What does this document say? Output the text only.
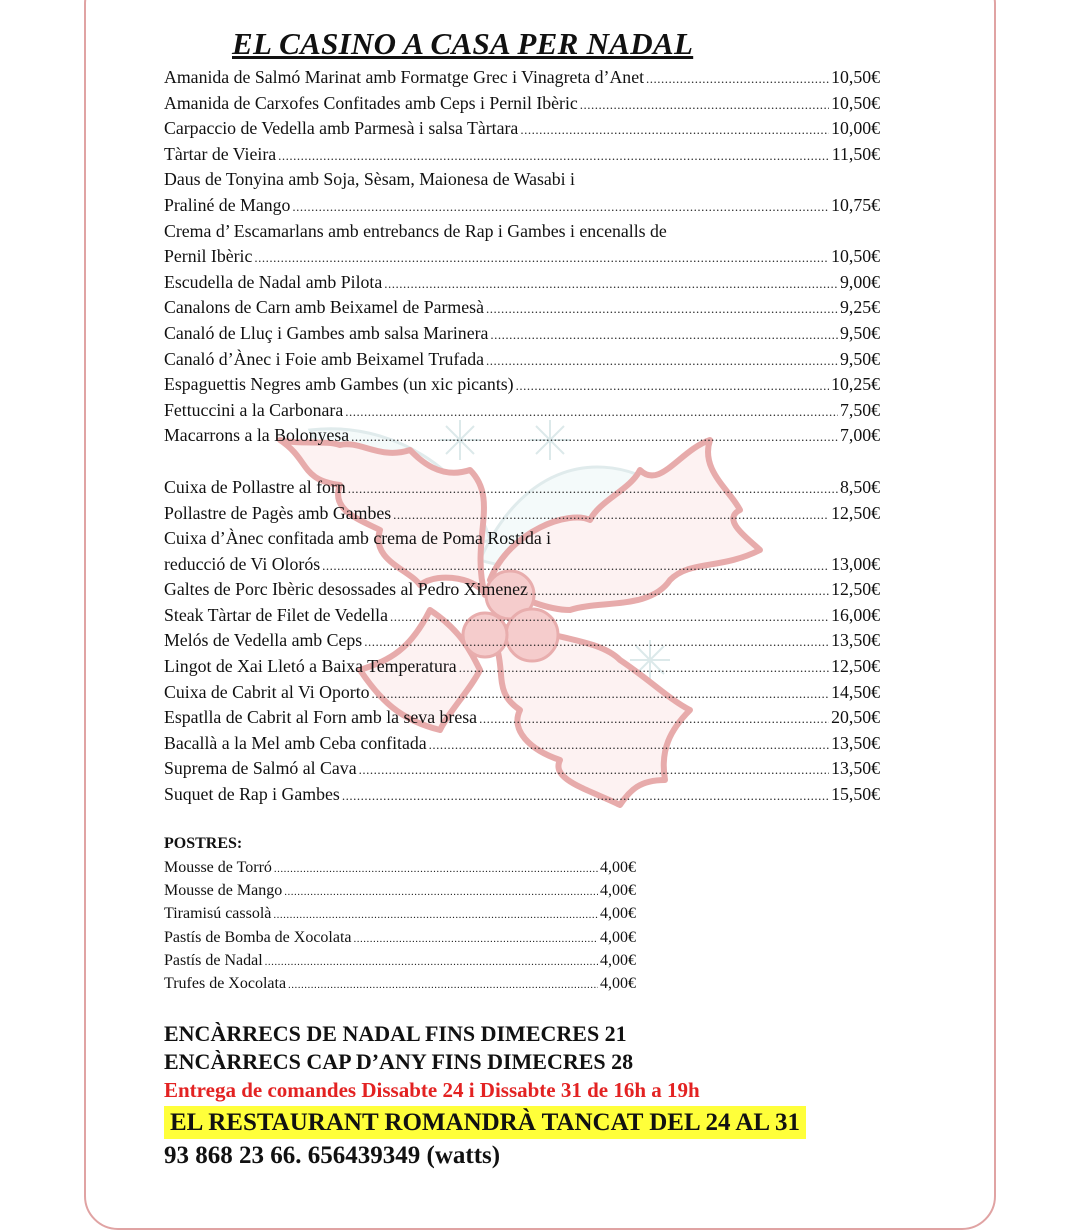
EL CASINO A CASA PER NADAL
Amanida de Salmó Marinat amb Formatge Grec i Vinagreta d’Anet .....	10,50€
Amanida de Carxofes Confitades amb Ceps i Pernil Ibèric .....	10,50€
Carpaccio de Vedella amb Parmesà i salsa Tàrtara .....	10,00€
Tàrtar de Vieira .....	11,50€
Daus de Tonyina amb Soja, Sèsam, Maionesa de Wasabi i
Praliné de Mango .....	10,75€
Crema d’ Escamarlans amb entrebancs de Rap i Gambes i encenalls de
Pernil Ibèric .....	10,50€
Escudella de Nadal amb Pilota .....	9,00€
Canalons de Carn amb Beixamel de Parmesà .....	9,25€
Canaló de Lluç i Gambes amb salsa Marinera .....	9,50€
Canaló d’Ànec i Foie amb Beixamel Trufada .....	9,50€
Espaguettis Negres amb Gambes (un xic picants) .....	10,25€
Fettuccini a la Carbonara .....	7,50€
Macarrons a la Bolonyesa .....	7,00€
Cuixa de Pollastre al forn .....	8,50€
Pollastre de Pagès amb Gambes .....	12,50€
Cuixa d’Ànec confitada amb crema de Poma Rostida i
reducció de Vi Olorós .....	13,00€
Galtes de Porc Ibèric desossades al Pedro Ximenez .....	12,50€
Steak Tàrtar de Filet de Vedella .....	16,00€
Melós de Vedella amb Ceps .....	13,50€
Lingot de Xai Lletó a Baixa Temperatura .....	12,50€
Cuixa de Cabrit al Vi Oporto .....	14,50€
Espatlla de Cabrit al Forn amb la seva bresa .....	20,50€
Bacallà a la Mel amb Ceba confitada .....	13,50€
Suprema de Salmó al Cava .....	13,50€
Suquet de Rap i Gambes .....	15,50€
POSTRES:
Mousse de Torró .....	4,00€
Mousse de Mango .....	4,00€
Tiramisú cassolà .....	4,00€
Pastís de Bomba de Xocolata .....	4,00€
Pastís de Nadal .....	4,00€
Trufes de Xocolata .....	4,00€
ENCÀRRECS DE NADAL FINS DIMECRES 21
ENCÀRRECS CAP D’ANY FINS DIMECRES 28
Entrega de comandes Dissabte 24 i Dissabte 31 de 16h a 19h
EL RESTAURANT ROMANDRÀ TANCAT DEL 24 AL 31
93 868 23 66. 656439349 (watts)
